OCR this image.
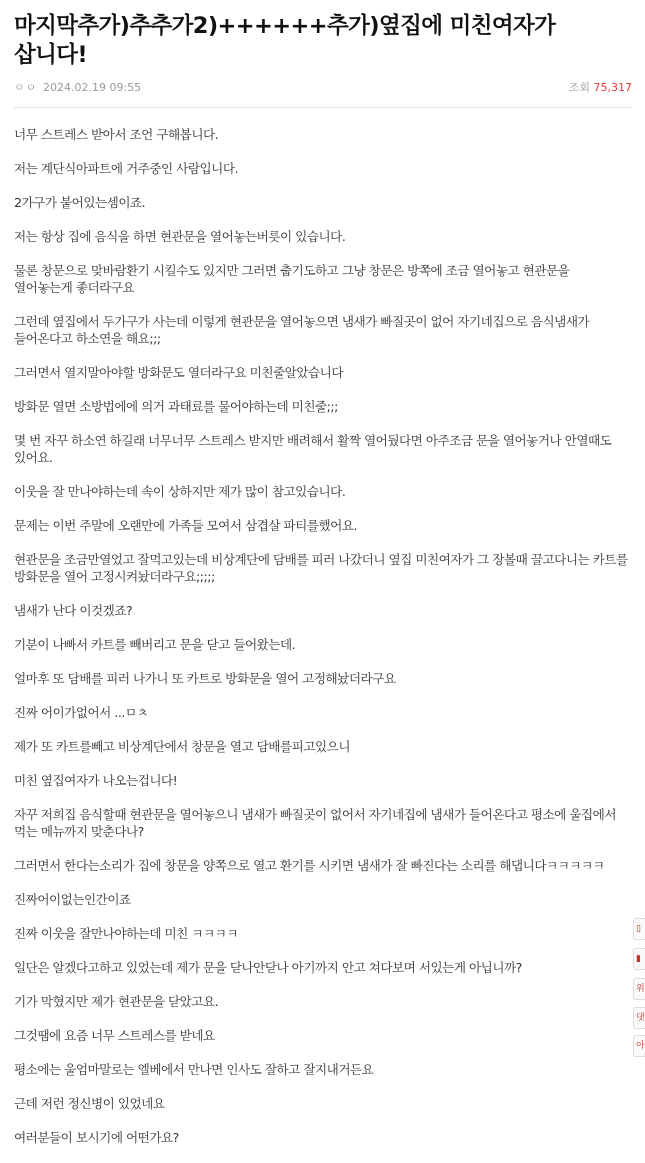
마지막추가)추추가2)++++++추가)옆집에 미친여자가 삽니다!
ㅇㅇ 2024.02.19 09:55	조회 75,317

너무 스트레스 받아서 조언 구해봅니다.

저는 계단식아파트에 거주중인 사람입니다.

2가구가 붙어있는셈이죠.

저는 항상 집에 음식을 하면 현관문을 열어놓는버릇이 있습니다.

물론 창문으로 맞바람환기 시킬수도 있지만 그러면 춥기도하고 그냥 창문은 방쪽에 조금 열어놓고 현관문을 열어놓는게 좋더라구요

그런데 옆집에서 두가구가 사는데 이렇게 현관문을 열어놓으면 냄새가 빠질곳이 없어 자기네집으로 음식냄새가 들어온다고 하소연을 해요;;;

그러면서 열지말아야할 방화문도 열더라구요 미친줄알았습니다

방화문 열면 소방법에에 의거 과태료를 물어야하는데 미친줄;;;

몇 번 자꾸 하소연 하길래 너무너무 스트레스 받지만 배려해서 활짝 열어뒀다면 아주조금 문을 열어놓거나 안열때도 있어요.

이웃을 잘 만나야하는데 속이 상하지만 제가 많이 참고있습니다.

문제는 이번 주말에 오랜만에 가족들 모여서 삼겹살 파티를했어요.

현관문을 조금만열었고 잘먹고있는데 비상계단에 담배를 피러 나갔더니 옆집 미친여자가 그 장볼때 끌고다니는 카트를 방화문을 열어 고정시켜놨더라구요;;;;;

냄새가 난다 이것겠죠?

기분이 나빠서 카트를 빼버리고 문을 닫고 들어왔는데.

얼마후 또 담배를 피러 나가니 또 카트로 방화문을 열어 고정해놨더라구요

진짜 어이가없어서 ...ㅁㅊ

제가 또 카트를빼고 비상계단에서 창문을 열고 담배를피고있으니

미친 옆집여자가 나오는겁니다!

자꾸 저희집 음식할때 현관문을 열어놓으니 냄새가 빠질곳이 없어서 자기네집에 냄새가 들어온다고 평소에 울집에서 먹는 메뉴까지 맞춘다나?

그러면서 한다는소리가 집에 창문을 양쪽으로 열고 환기를 시키면 냄새가 잘 빠진다는 소리를 해댑니다ㅋㅋㅋㅋㅋ

진짜어이없는인간이죠

진짜 이웃을 잘만나야하는데 미친 ㅋㅋㅋㅋ

일단은 알겠다고하고 있었는데 제가 문을 닫나안닫나 아기까지 안고 쳐다보며 서있는게 아닙니까?

기가 막혔지만 제가 현관문을 닫았고요.

그것땜에 요즘 너무 스트레스를 받네요

평소에는 울엄마말로는 엘베에서 만나면 인사도 잘하고 잘지내거든요

근데 저런 정신병이 있었네요

여러분들이 보시기에 어떤가요?

▯
▮
위
댓
아
